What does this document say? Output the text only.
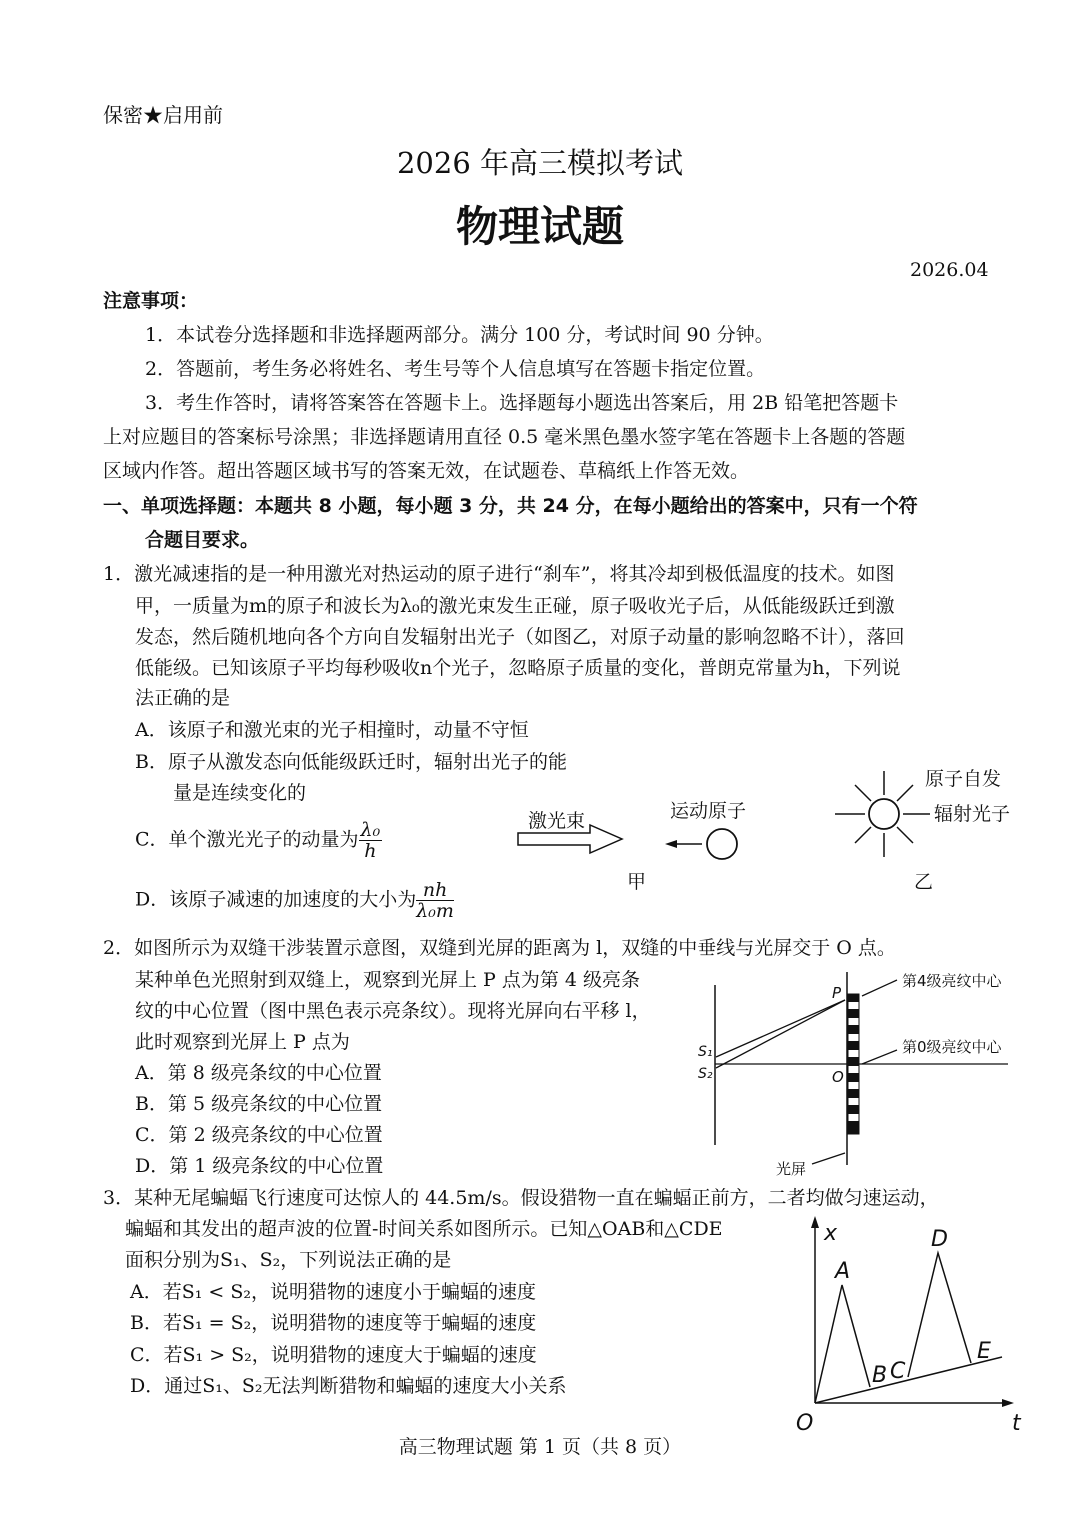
保密★启用前
2026 年高三模拟考试
物理试题
2026.04
注意事项：
1．本试卷分选择题和非选择题两部分。满分 100 分，考试时间 90 分钟。
2．答题前，考生务必将姓名、考生号等个人信息填写在答题卡指定位置。
3．考生作答时，请将答案答在答题卡上。选择题每小题选出答案后，用 2B 铅笔把答题卡
上对应题目的答案标号涂黑；非选择题请用直径 0.5 毫米黑色墨水签字笔在答题卡上各题的答题
区域内作答。超出答题区域书写的答案无效，在试题卷、草稿纸上作答无效。
一、单项选择题：本题共 8 小题，每小题 3 分，共 24 分，在每小题给出的答案中，只有一个符
合题目要求。
1．激光减速指的是一种用激光对热运动的原子进行“刹车”，将其冷却到极低温度的技术。如图
甲，一质量为m的原子和波长为λ₀的激光束发生正碰，原子吸收光子后，从低能级跃迁到激
发态，然后随机地向各个方向自发辐射出光子（如图乙，对原子动量的影响忽略不计），落回
低能级。已知该原子平均每秒吸收n个光子，忽略原子质量的变化，普朗克常量为h，下列说
法正确的是
A．该原子和激光束的光子相撞时，动量不守恒
B．原子从激发态向低能级跃迁时，辐射出光子的能
量是连续变化的
C．单个激光光子的动量为 $\frac{\text{λ₀}}{h}$
D．该原子减速的加速度的大小为 $\frac{nh}{\text{λ₀m}}$
激光束	运动原子
甲
原子自发
辐射光子
乙
2．如图所示为双缝干涉装置示意图，双缝到光屏的距离为 l，双缝的中垂线与光屏交于 O 点。
某种单色光照射到双缝上，观察到光屏上 P 点为第 4 级亮条
纹的中心位置（图中黑色表示亮条纹）。现将光屏向右平移 l，
此时观察到光屏上 P 点为
A．第 8 级亮条纹的中心位置
B．第 5 级亮条纹的中心位置
C．第 2 级亮条纹的中心位置
D．第 1 级亮条纹的中心位置
P
O
S₁
S₂
第4级亮纹中心
第0级亮纹中心
光屏
3．某种无尾蝙蝠飞行速度可达惊人的 44.5m/s。假设猎物一直在蝙蝠正前方，二者均做匀速运动，
蝙蝠和其发出的超声波的位置-时间关系如图所示。已知△OAB和△CDE
面积分别为S₁、S₂，下列说法正确的是
A．若S₁ < S₂，说明猎物的速度小于蝙蝠的速度
B．若S₁ = S₂，说明猎物的速度等于蝙蝠的速度
C．若S₁ > S₂，说明猎物的速度大于蝙蝠的速度
D．通过S₁、S₂无法判断猎物和蝙蝠的速度大小关系
x
t
O
A
B C
D
E
高三物理试题 第 1 页（共 8 页）
